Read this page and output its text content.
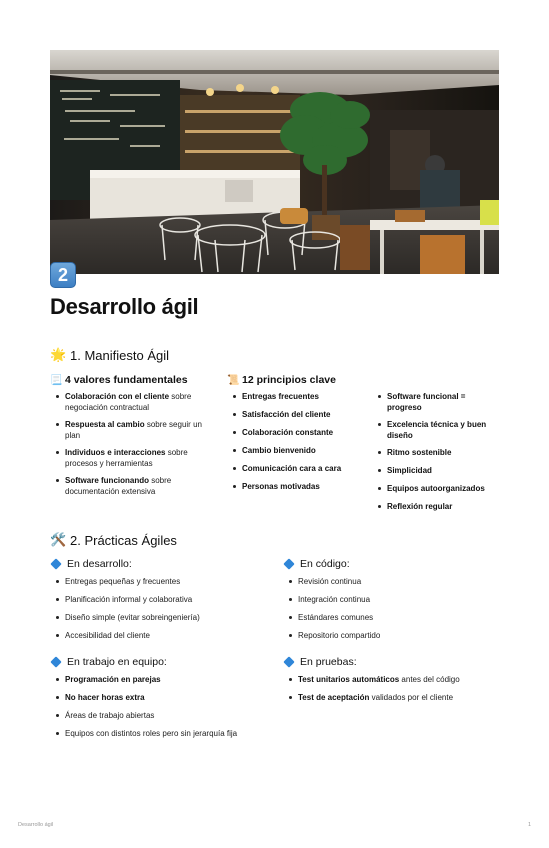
2
Desarrollo ágil
🌟 1. Manifiesto Ágil
📃 4 valores fundamentales
Colaboración con el cliente sobre negociación contractual
Respuesta al cambio sobre seguir un plan
Individuos e interacciones sobre procesos y herramientas
Software funcionando sobre documentación extensiva
📜 12 principios clave
Entregas frecuentes
Satisfacción del cliente
Colaboración constante
Cambio bienvenido
Comunicación cara a cara
Personas motivadas
Software funcional = progreso
Excelencia técnica y buen diseño
Ritmo sostenible
Simplicidad
Equipos autoorganizados
Reflexión regular
🛠️ 2. Prácticas Ágiles
En desarrollo:
Entregas pequeñas y frecuentes
Planificación informal y colaborativa
Diseño simple (evitar sobreingeniería)
Accesibilidad del cliente
En código:
Revisión continua
Integración continua
Estándares comunes
Repositorio compartido
En trabajo en equipo:
Programación en parejas
No hacer horas extra
Áreas de trabajo abiertas
Equipos con distintos roles pero sin jerarquía fija
En pruebas:
Test unitarios automáticos antes del código
Test de aceptación validados por el cliente
Desarrollo ágil	1
